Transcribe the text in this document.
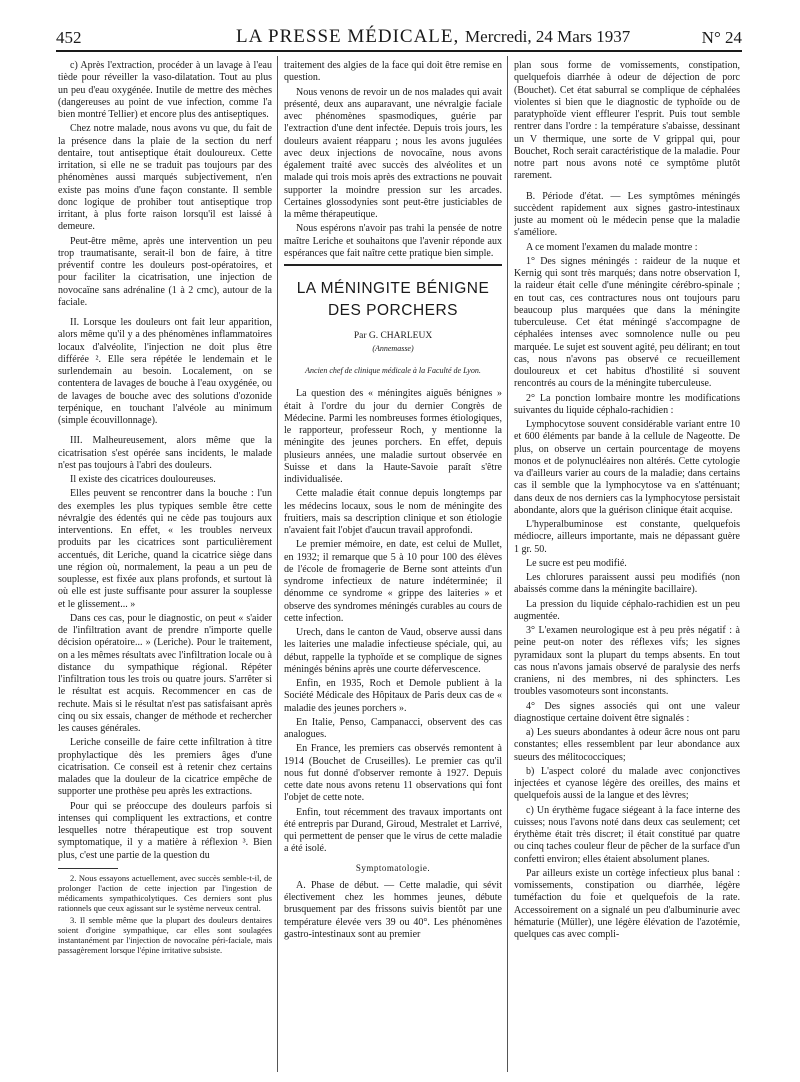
452	LA PRESSE MÉDICALE, Mercredi, 24 Mars 1937	N° 24

c) Après l'extraction, procéder à un lavage à l'eau tiède pour réveiller la vaso-dilatation. Tout au plus un peu d'eau oxygénée. Inutile de mettre des mèches (dangereuses au point de vue infection, comme l'a bien montré Tellier) et encore plus des antiseptiques.

Chez notre malade, nous avons vu que, du fait de la présence dans la plaie de la section du nerf dentaire, tout antiseptique était douloureux. Cette irritation, si elle ne se traduit pas toujours par des phénomènes aussi marqués subjectivement, n'en existe pas moins d'une façon constante. Il semble donc logique de prohiber tout antiseptique trop irritant, à plus forte raison lorsqu'il est laissé à demeure.

Peut-être même, après une intervention un peu trop traumatisante, serait-il bon de faire, à titre préventif contre les douleurs post-opératoires, et pour faciliter la cicatrisation, une injection de novocaïne sans adrénaline (1 à 2 cmc), autour de la faciale.

II. Lorsque les douleurs ont fait leur apparition, alors même qu'il y a des phénomènes inflammatoires locaux d'alvéolite, l'injection ne doit plus être différée ². Elle sera répétée le lendemain et le surlendemain au besoin. Localement, on se contentera de lavages de bouche à l'eau oxygénée, ou de lavages de bouche avec des solutions d'ozonide terpénique, en touchant l'alvéole au minimum (simple écouvillonnage).

III. Malheureusement, alors même que la cicatrisation s'est opérée sans incidents, le malade n'est pas toujours à l'abri des douleurs.

Il existe des cicatrices douloureuses.

Elles peuvent se rencontrer dans la bouche : l'un des exemples les plus typiques semble être cette névralgie des édentés qui ne cède pas toujours aux interventions. En effet, « les troubles nerveux produits par les cicatrices sont particulièrement accentués, dit Leriche, quand la cicatrice siège dans une région où, normalement, la peau a un peu de souplesse, est fixée aux plans profonds, et surtout là où elle est juste suffisante pour assurer la souplesse et le glissement... »

Dans ces cas, pour le diagnostic, on peut « s'aider de l'infiltration avant de prendre n'importe quelle décision opératoire... » (Leriche). Pour le traitement, on a les mêmes résultats avec l'infiltration locale ou à distance du sympathique régional. Répéter l'infiltration tous les trois ou quatre jours. S'arrêter si le résultat est acquis. Recommencer en cas de rechute. Mais si le résultat n'est pas satisfaisant après cinq ou six essais, changer de méthode et rechercher les causes générales.

Leriche conseille de faire cette infiltration à titre prophylactique dès les premiers âges d'une cicatrisation. Ce conseil est à retenir chez certains malades que la douleur de la cicatrice empêche de supporter une prothèse peu après les extractions.

Pour qui se préoccupe des douleurs parfois si intenses qui compliquent les extractions, et contre lesquelles notre thérapeutique est trop souvent symptomatique, il y a matière à réflexion ³. Bien plus, c'est une partie de la question du

2. Nous essayons actuellement, avec succès semble-t-il, de prolonger l'action de cette injection par l'ingestion de médicaments sympathicolytiques. Ces derniers sont plus rationnels que ceux agissant sur le système nerveux central.

3. Il semble même que la plupart des douleurs dentaires soient d'origine sympathique, car elles sont soulagées instantanément par l'injection de novocaïne péri-faciale, mais passagèrement lorsque l'épine irritative subsiste.

traitement des algies de la face qui doit être remise en question.

Nous venons de revoir un de nos malades qui avait présenté, deux ans auparavant, une névralgie faciale avec phénomènes spasmodiques, guérie par l'extraction d'une dent infectée. Depuis trois jours, les douleurs avaient réapparu ; nous les avons jugulées avec deux injections de novocaïne, nous avons également traité avec succès des alvéolites et un malade qui trois mois après des extractions ne pouvait supporter la moindre pression sur les arcades. Certaines glossodynies sont peut-être justiciables de la même thérapeutique.

Nous espérons n'avoir pas trahi la pensée de notre maître Leriche et souhaitons que l'avenir réponde aux espérances que fait naître cette pratique bien simple.

LA MÉNINGITE BÉNIGNE DES PORCHERS
Par G. CHARLEUX
(Annemasse)
Ancien chef de clinique médicale à la Faculté de Lyon.

La question des « méningites aiguës bénignes » était à l'ordre du jour du dernier Congrès de Médecine. Parmi les nombreuses formes étiologiques, le rapporteur, professeur Roch, y mentionne la méningite des jeunes porchers. En effet, depuis plusieurs années, une maladie surtout observée en Suisse et dans la Haute-Savoie paraît s'être individualisée.

Cette maladie était connue depuis longtemps par les médecins locaux, sous le nom de méningite des fruitiers, mais sa description clinique et son étiologie n'avaient fait l'objet d'aucun travail approfondi.

Le premier mémoire, en date, est celui de Mullet, en 1932; il remarque que 5 à 10 pour 100 des élèves de l'école de fromagerie de Berne sont atteints d'un syndrome infectieux de nature indéterminée; il dénomme ce syndrome « grippe des laiteries » et observe des syndromes méningés curables au cours de cette infection.

Urech, dans le canton de Vaud, observe aussi dans les laiteries une maladie infectieuse spéciale, qui, au début, rappelle la typhoïde et se complique de signes méningés bénins après une courte défervescence.

Enfin, en 1935, Roch et Demole publient à la Société Médicale des Hôpitaux de Paris deux cas de « maladie des jeunes porchers ».

En Italie, Penso, Campanacci, observent des cas analogues.

En France, les premiers cas observés remontent à 1914 (Bouchet de Cruseilles). Le premier cas qu'il nous fut donné d'observer remonte à 1927. Depuis cette date nous avons retenu 11 observations qui font l'objet de cette note.

Enfin, tout récemment des travaux importants ont été entrepris par Durand, Giroud, Mestralet et Larrivé, qui permettent de penser que le virus de cette maladie a été isolé.

Symptomatologie.

A. Phase de début. — Cette maladie, qui sévit électivement chez les hommes jeunes, débute brusquement par des frissons suivis bientôt par une température élevée vers 39 ou 40°. Les phénomènes gastro-intestinaux sont au premier

plan sous forme de vomissements, constipation, quelquefois diarrhée à odeur de déjection de porc (Bouchet). Cet état saburral se complique de céphalées violentes si bien que le diagnostic de typhoïde ou de paratyphoïde vient effleurer l'esprit. Puis tout semble rentrer dans l'ordre : la température s'abaisse, dessinant un V thermique, une sorte de V grippal qui, pour Bouchet, Roch serait caractéristique de la maladie. Pour notre part nous avons noté ce symptôme plutôt rarement.

B. Période d'état. — Les symptômes méningés succèdent rapidement aux signes gastro-intestinaux juste au moment où le médecin pense que la maladie s'améliore.

A ce moment l'examen du malade montre :

1° Des signes méningés : raideur de la nuque et Kernig qui sont très marqués; dans notre observation I, la raideur était celle d'une méningite cérébro-spinale ; en tout cas, ces contractures nous ont toujours paru beaucoup plus marquées que dans la méningite tuberculeuse. Cet état méningé s'accompagne de céphalées intenses avec somnolence nulle ou peu marquée. Le sujet est souvent agité, peu délirant; en tout cas, nous n'avons pas observé ce recueillement douloureux et cet habitus d'hostilité si souvent rencontrés au cours de la méningite tuberculeuse.

2° La ponction lombaire montre les modifications suivantes du liquide céphalo-rachidien :

Lymphocytose souvent considérable variant entre 10 et 600 éléments par bande à la cellule de Nageotte. De plus, on observe un certain pourcentage de moyens monos et de polynucléaires non altérés. Cette cytologie va d'ailleurs varier au cours de la maladie; dans certains cas il semble que la lymphocytose va en s'atténuant; dans deux de nos derniers cas la lymphocytose persistait abondante, alors que la guérison clinique était acquise.

L'hyperalbuminose est constante, quelquefois médiocre, ailleurs importante, mais ne dépassant guère 1 gr. 50.

Le sucre est peu modifié.

Les chlorures paraissent aussi peu modifiés (non abaissés comme dans la méningite bacillaire).

La pression du liquide céphalo-rachidien est un peu augmentée.

3° L'examen neurologique est à peu près négatif : à peine peut-on noter des réflexes vifs; les signes pyramidaux sont la plupart du temps absents. En tout cas nous n'avons jamais observé de paralysie des nerfs craniens, ni des membres, ni des sphincters. Les troubles vasomoteurs sont inconstants.

4° Des signes associés qui ont une valeur diagnostique certaine doivent être signalés :

a) Les sueurs abondantes à odeur âcre nous ont paru constantes; elles ressemblent par leur abondance aux sueurs des mélitococciques;

b) L'aspect coloré du malade avec conjonctives injectées et cyanose légère des oreilles, des mains et quelquefois aussi de la langue et des lèvres;

c) Un érythème fugace siégeant à la face interne des cuisses; nous l'avons noté dans deux cas seulement; cet érythème était très discret; il était constitué par quatre ou cinq taches couleur fleur de pêcher de la surface d'un confetti environ; elles étaient absolument planes.

Par ailleurs existe un cortège infectieux plus banal : vomissements, constipation ou diarrhée, légère tuméfaction du foie et quelquefois de la rate. Accessoirement on a signalé un peu d'albuminurie avec hématurie (Müller), une légère élévation de l'azotémie, quelques cas avec compli-
